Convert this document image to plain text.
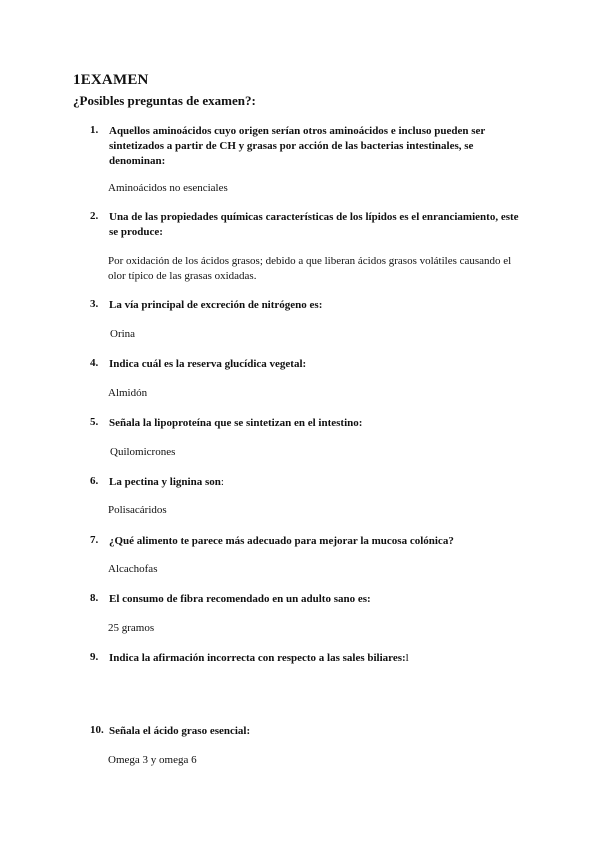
1EXAMEN
¿Posibles preguntas de examen?:
1. Aquellos aminoácidos cuyo origen serían otros aminoácidos e incluso pueden ser sintetizados a partir de CH y grasas por acción de las bacterias intestinales, se denominan:
Aminoácidos no esenciales
2. Una de las propiedades químicas características de los lípidos es el enranciamiento, este se produce:
Por oxidación de los ácidos grasos; debido a que liberan ácidos grasos volátiles causando el olor típico de las grasas oxidadas.
3. La vía principal de excreción de nitrógeno es:
Orina
4. Indica cuál es la reserva glucídica vegetal:
Almidón
5. Señala la lipoproteína que se sintetizan en el intestino:
Quilomicrones
6. La pectina y lignina son:
Polisacáridos
7. ¿Qué alimento te parece más adecuado para mejorar la mucosa colónica?
Alcachofas
8. El consumo de fibra recomendado en un adulto sano es:
25 gramos
9. Indica la afirmación incorrecta con respecto a las sales biliares:l
10. Señala el ácido graso esencial:
Omega 3 y omega 6
